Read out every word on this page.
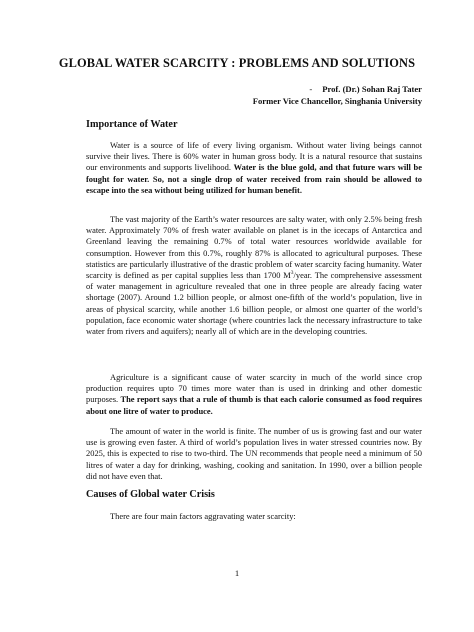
GLOBAL WATER SCARCITY : PROBLEMS AND SOLUTIONS
- Prof. (Dr.) Sohan Raj Tater
Former Vice Chancellor, Singhania University
Importance of Water

Water is a source of life of every living organism. Without water living beings cannot survive their lives. There is 60% water in human gross body. It is a natural resource that sustains our environments and supports livelihood. Water is the blue gold, and that future wars will be fought for water. So, not a single drop of water received from rain should be allowed to escape into the sea without being utilized for human benefit.

The vast majority of the Earth’s water resources are salty water, with only 2.5% being fresh water. Approximately 70% of fresh water available on planet is in the icecaps of Antarctica and Greenland leaving the remaining 0.7% of total water resources worldwide available for consumption. However from this 0.7%, roughly 87% is allocated to agricultural purposes. These statistics are particularly illustrative of the drastic problem of water scarcity facing humanity. Water scarcity is defined as per capital supplies less than 1700 $M^3$/year. The comprehensive assessment of water management in agriculture revealed that one in three people are already facing water shortage (2007). Around 1.2 billion people, or almost one-fifth of the world’s population, live in areas of physical scarcity, while another 1.6 billion people, or almost one quarter of the world’s population, face economic water shortage (where countries lack the necessary infrastructure to take water from rivers and aquifers); nearly all of which are in the developing countries.

Agriculture is a significant cause of water scarcity in much of the world since crop production requires upto 70 times more water than is used in drinking and other domestic purposes. The report says that a rule of thumb is that each calorie consumed as food requires about one litre of water to produce.

The amount of water in the world is finite. The number of us is growing fast and our water use is growing even faster. A third of world’s population lives in water stressed countries now. By 2025, this is expected to rise to two-third. The UN recommends that people need a minimum of 50 litres of water a day for drinking, washing, cooking and sanitation. In 1990, over a billion people did not have even that.

Causes of Global water Crisis

There are four main factors aggravating water scarcity:

1
